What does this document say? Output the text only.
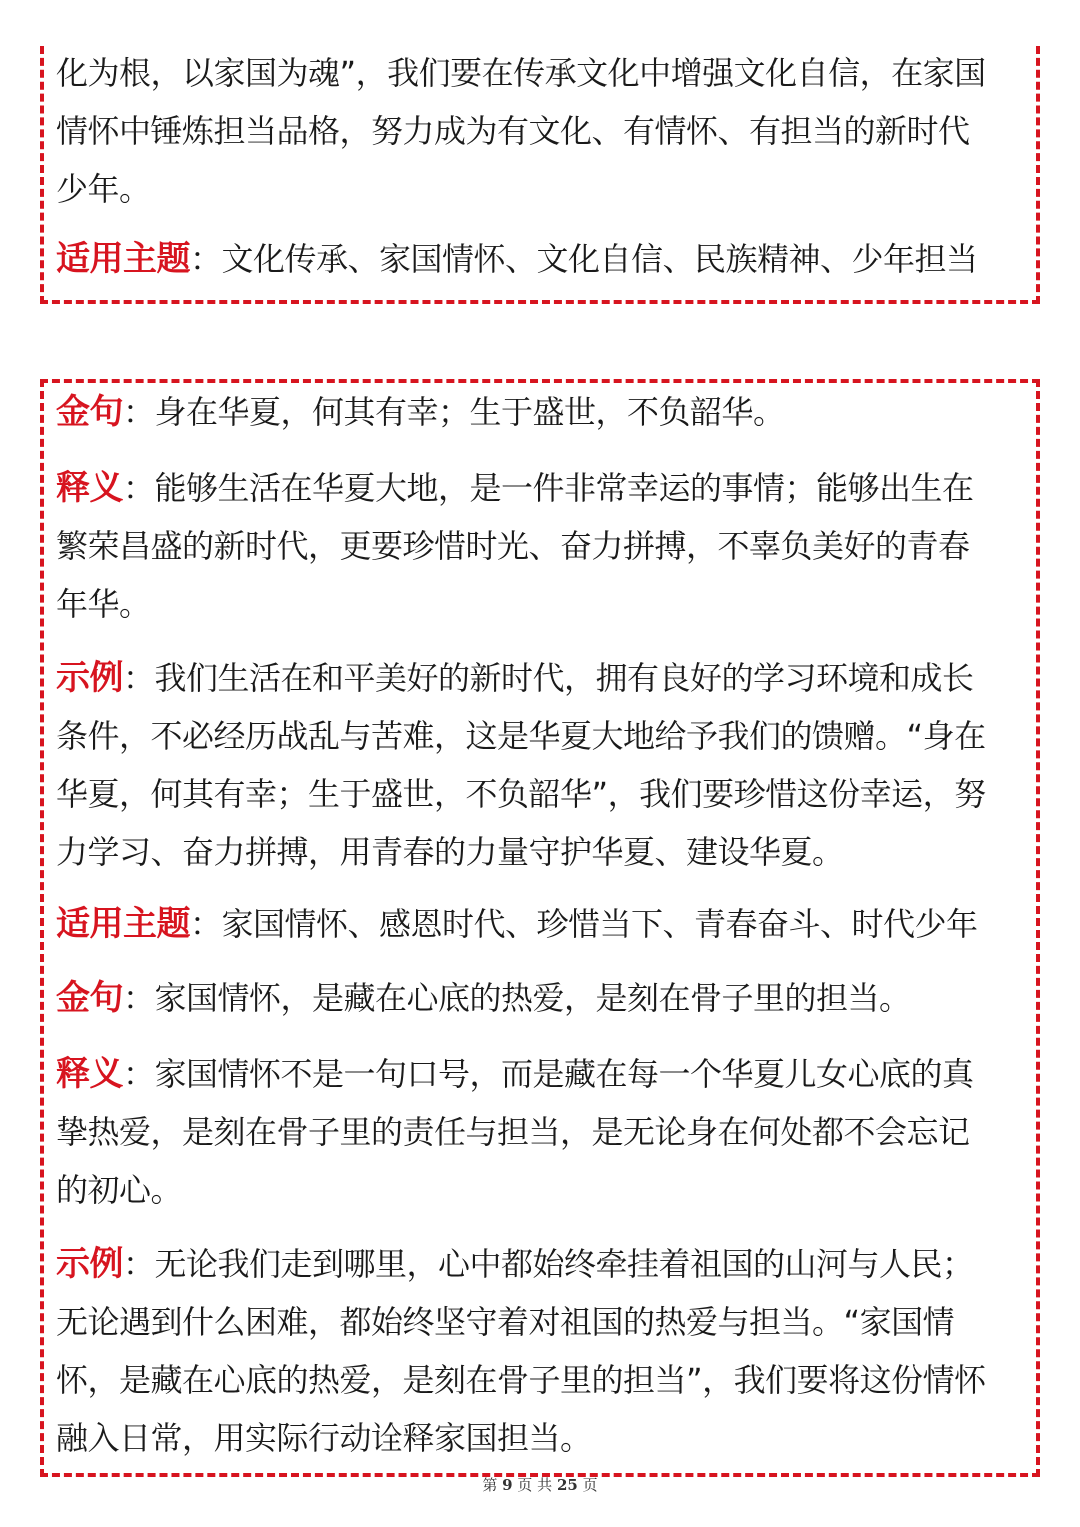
化为根，以家国为魂”，我们要在传承文化中增强文化自信，在家国
情怀中锤炼担当品格，努力成为有文化、有情怀、有担当的新时代
少年。
适用主题：文化传承、家国情怀、文化自信、民族精神、少年担当
金句：身在华夏，何其有幸；生于盛世，不负韶华。
释义：能够生活在华夏大地，是一件非常幸运的事情；能够出生在
繁荣昌盛的新时代，更要珍惜时光、奋力拼搏，不辜负美好的青春
年华。
示例：我们生活在和平美好的新时代，拥有良好的学习环境和成长
条件，不必经历战乱与苦难，这是华夏大地给予我们的馈赠。“身在
华夏，何其有幸；生于盛世，不负韶华”，我们要珍惜这份幸运，努
力学习、奋力拼搏，用青春的力量守护华夏、建设华夏。
适用主题：家国情怀、感恩时代、珍惜当下、青春奋斗、时代少年
金句：家国情怀，是藏在心底的热爱，是刻在骨子里的担当。
释义：家国情怀不是一句口号，而是藏在每一个华夏儿女心底的真
挚热爱，是刻在骨子里的责任与担当，是无论身在何处都不会忘记
的初心。
示例：无论我们走到哪里，心中都始终牵挂着祖国的山河与人民；
无论遇到什么困难，都始终坚守着对祖国的热爱与担当。“家国情
怀，是藏在心底的热爱，是刻在骨子里的担当”，我们要将这份情怀
融入日常，用实际行动诠释家国担当。
第 9 页 共 25 页
